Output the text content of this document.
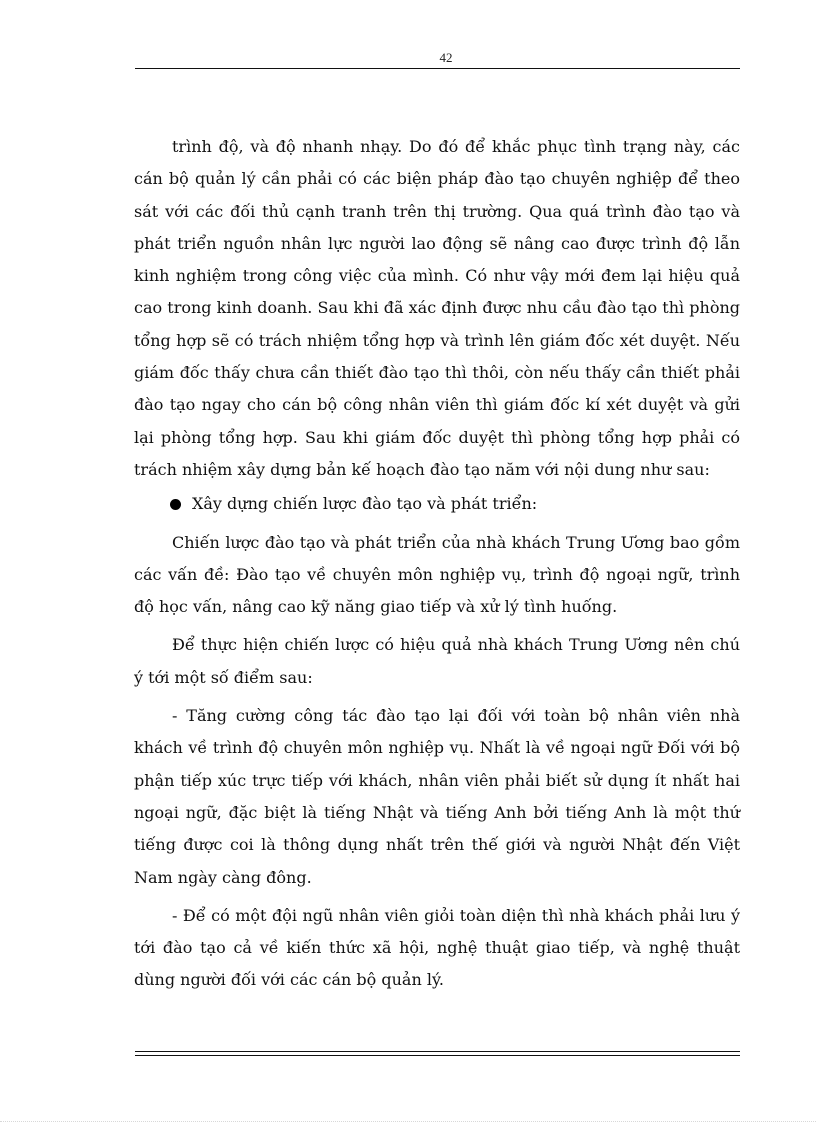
42

trình độ, và độ nhanh nhạy. Do đó để khắc phục tình trạng này, các cán bộ quản lý cần phải có các biện pháp đào tạo chuyên nghiệp để theo sát với các đối thủ cạnh tranh trên thị trường. Qua quá trình đào tạo và phát triển nguồn nhân lực người lao động sẽ nâng cao được trình độ lẫn kinh nghiệm trong công việc của mình. Có như vậy mới đem lại hiệu quả cao trong kinh doanh. Sau khi đã xác định được nhu cầu đào tạo thì phòng tổng hợp sẽ có trách nhiệm tổng hợp và trình lên giám đốc xét duyệt. Nếu giám đốc thấy chưa cần thiết đào tạo thì thôi, còn nếu thấy cần thiết phải đào tạo ngay cho cán bộ công nhân viên thì giám đốc kí xét duyệt và gửi lại phòng tổng hợp. Sau khi giám đốc duyệt thì phòng tổng hợp phải có trách nhiệm xây dựng bản kế hoạch đào tạo năm với nội dung như sau:

Xây dựng chiến lược đào tạo và phát triển:

Chiến lược đào tạo và phát triển của nhà khách Trung Ương bao gồm các vấn đề: Đào tạo về chuyên môn nghiệp vụ, trình độ ngoại ngữ, trình độ học vấn, nâng cao kỹ năng giao tiếp và xử lý tình huống.

Để thực hiện chiến lược có hiệu quả nhà khách Trung Ương nên chú ý tới một số điểm sau:

- Tăng cường công tác đào tạo lại đối với toàn bộ nhân viên nhà khách về trình độ chuyên môn nghiệp vụ. Nhất là về ngoại ngữ Đối với bộ phận tiếp xúc trực tiếp với khách, nhân viên phải biết sử dụng ít nhất hai ngoại ngữ, đặc biệt là tiếng Nhật và tiếng Anh bởi tiếng Anh là một thứ tiếng được coi là thông dụng nhất trên thế giới và người Nhật đến Việt Nam ngày càng đông.

- Để có một đội ngũ nhân viên giỏi toàn diện thì nhà khách phải lưu ý tới đào tạo cả về kiến thức xã hội, nghệ thuật giao tiếp, và nghệ thuật dùng người đối với các cán bộ quản lý.
